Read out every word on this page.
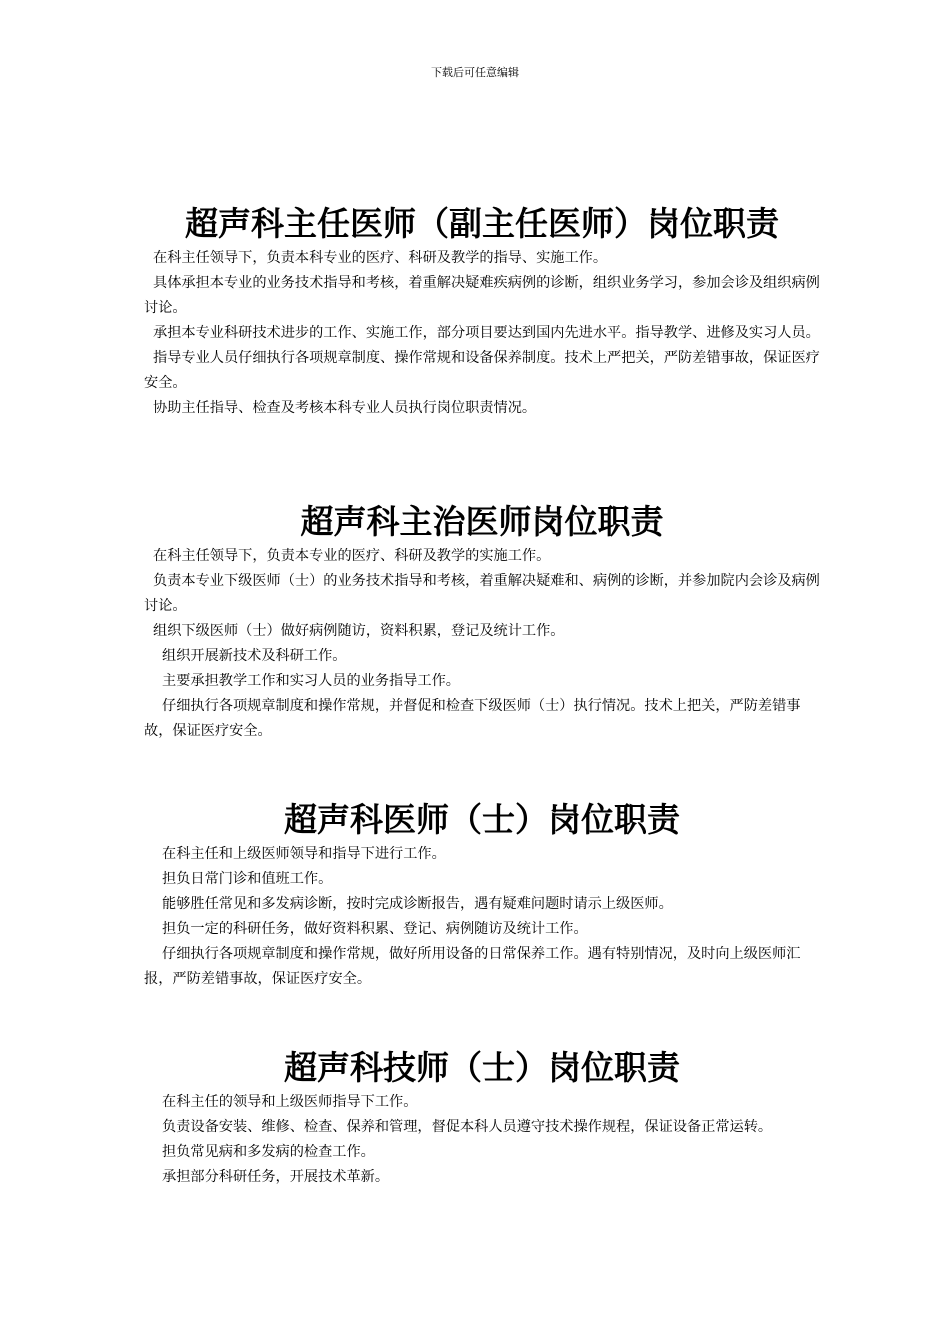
下载后可任意编辑
超声科主任医师（副主任医师）岗位职责

在科主任领导下，负责本科专业的医疗、科研及教学的指导、实施工作。

具体承担本专业的业务技术指导和考核，着重解决疑难疾病例的诊断，组织业务学习，参加会诊及组织病例讨论。

承担本专业科研技术进步的工作、实施工作，部分项目要达到国内先进水平。指导教学、进修及实习人员。

指导专业人员仔细执行各项规章制度、操作常规和设备保养制度。技术上严把关，严防差错事故，保证医疗安全。

协助主任指导、检查及考核本科专业人员执行岗位职责情况。

超声科主治医师岗位职责

在科主任领导下，负责本专业的医疗、科研及教学的实施工作。

负责本专业下级医师（士）的业务技术指导和考核，着重解决疑难和、病例的诊断，并参加院内会诊及病例讨论。

组织下级医师（士）做好病例随访，资料积累，登记及统计工作。

组织开展新技术及科研工作。

主要承担教学工作和实习人员的业务指导工作。

仔细执行各项规章制度和操作常规，并督促和检查下级医师（士）执行情况。技术上把关，严防差错事故，保证医疗安全。

超声科医师（士）岗位职责

在科主任和上级医师领导和指导下进行工作。

担负日常门诊和值班工作。

能够胜任常见和多发病诊断，按时完成诊断报告，遇有疑难问题时请示上级医师。

担负一定的科研任务，做好资料积累、登记、病例随访及统计工作。

仔细执行各项规章制度和操作常规，做好所用设备的日常保养工作。遇有特别情况，及时向上级医师汇报，严防差错事故，保证医疗安全。

超声科技师（士）岗位职责

在科主任的领导和上级医师指导下工作。

负责设备安装、维修、检查、保养和管理，督促本科人员遵守技术操作规程，保证设备正常运转。

担负常见病和多发病的检查工作。

承担部分科研任务，开展技术革新。
